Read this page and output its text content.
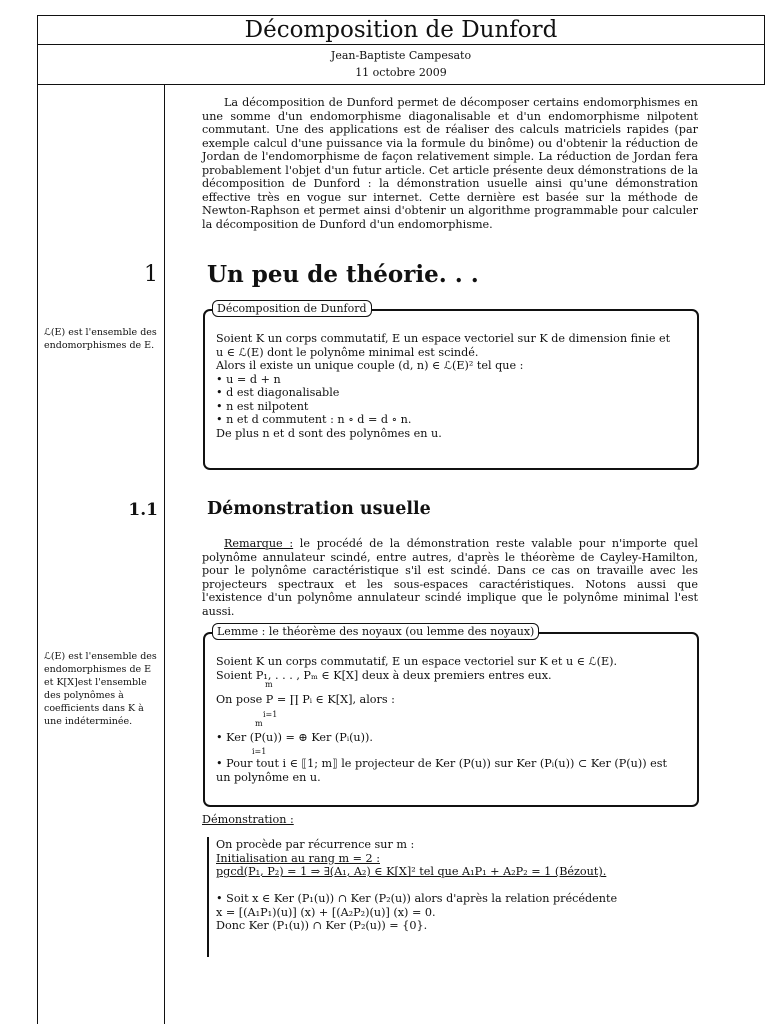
Décomposition de Dunford
Jean-Baptiste Campesato
11 octobre 2009
ℒ(E) est l'ensemble des endomorphismes de E.
ℒ(E) est l'ensemble des endomorphismes de E et K[X]est l'ensemble des polynômes à coefficients dans K à une indéterminée.
La décomposition de Dunford permet de décomposer certains endomorphismes en une somme d'un endomorphisme diagonalisable et d'un endomorphisme nilpotent commutant. Une des applications est de réaliser des calculs matriciels rapides (par exemple calcul d'une puissance via la formule du binôme) ou d'obtenir la réduction de Jordan de l'endomorphisme de façon relativement simple. La réduction de Jordan fera probablement l'objet d'un futur article. Cet article présente deux démonstrations de la décomposition de Dunford : la démonstration usuelle ainsi qu'une démonstration effective très en vogue sur internet. Cette dernière est basée sur la méthode de Newton-Raphson et permet ainsi d'obtenir un algorithme programmable pour calculer la décomposition de Dunford d'un endomorphisme.
1 Un peu de théorie. . .
Décomposition de Dunford
Soient K un corps commutatif, E un espace vectoriel sur K de dimension finie et
u ∈ ℒ(E) dont le polynôme minimal est scindé.
Alors il existe un unique couple (d, n) ∈ ℒ(E)² tel que :
• u = d + n
• d est diagonalisable
• n est nilpotent
• n et d commutent : n ∘ d = d ∘ n.
De plus n et d sont des polynômes en u.
1.1	Démonstration usuelle
Remarque : le procédé de la démonstration reste valable pour n'importe quel polynôme annulateur scindé, entre autres, d'après le théorème de Cayley-Hamilton, pour le polynôme caractéristique s'il est scindé. Dans ce cas on travaille avec les projecteurs spectraux et les sous-espaces caractéristiques. Notons aussi que l'existence d'un polynôme annulateur scindé implique que le polynôme minimal l'est aussi.
Lemme : le théorème des noyaux (ou lemme des noyaux)
Soient K un corps commutatif, E un espace vectoriel sur K et u ∈ ℒ(E).
Soient P₁, . . . , Pₘ ∈ K[X] deux à deux premiers entres eux.
m
On pose P = ∏ Pᵢ ∈ K[X], alors :
i=1
m
• Ker (P(u)) = ⊕ Ker (Pᵢ(u)).
i=1
• Pour tout i ∈ ⟦1; m⟧ le projecteur de Ker (P(u)) sur Ker (Pᵢ(u)) ⊂ Ker (P(u)) est
un polynôme en u.
Démonstration :
On procède par récurrence sur m :
Initialisation au rang m = 2 :
pgcd(P₁, P₂) = 1 ⇒ ∃(A₁, A₂) ∈ K[X]² tel que A₁P₁ + A₂P₂ = 1 (Bézout).
• Soit x ∈ Ker (P₁(u)) ∩ Ker (P₂(u)) alors d'après la relation précédente
x = [(A₁P₁)(u)] (x) + [(A₂P₂)(u)] (x) = 0.
Donc Ker (P₁(u)) ∩ Ker (P₂(u)) = {0}.
